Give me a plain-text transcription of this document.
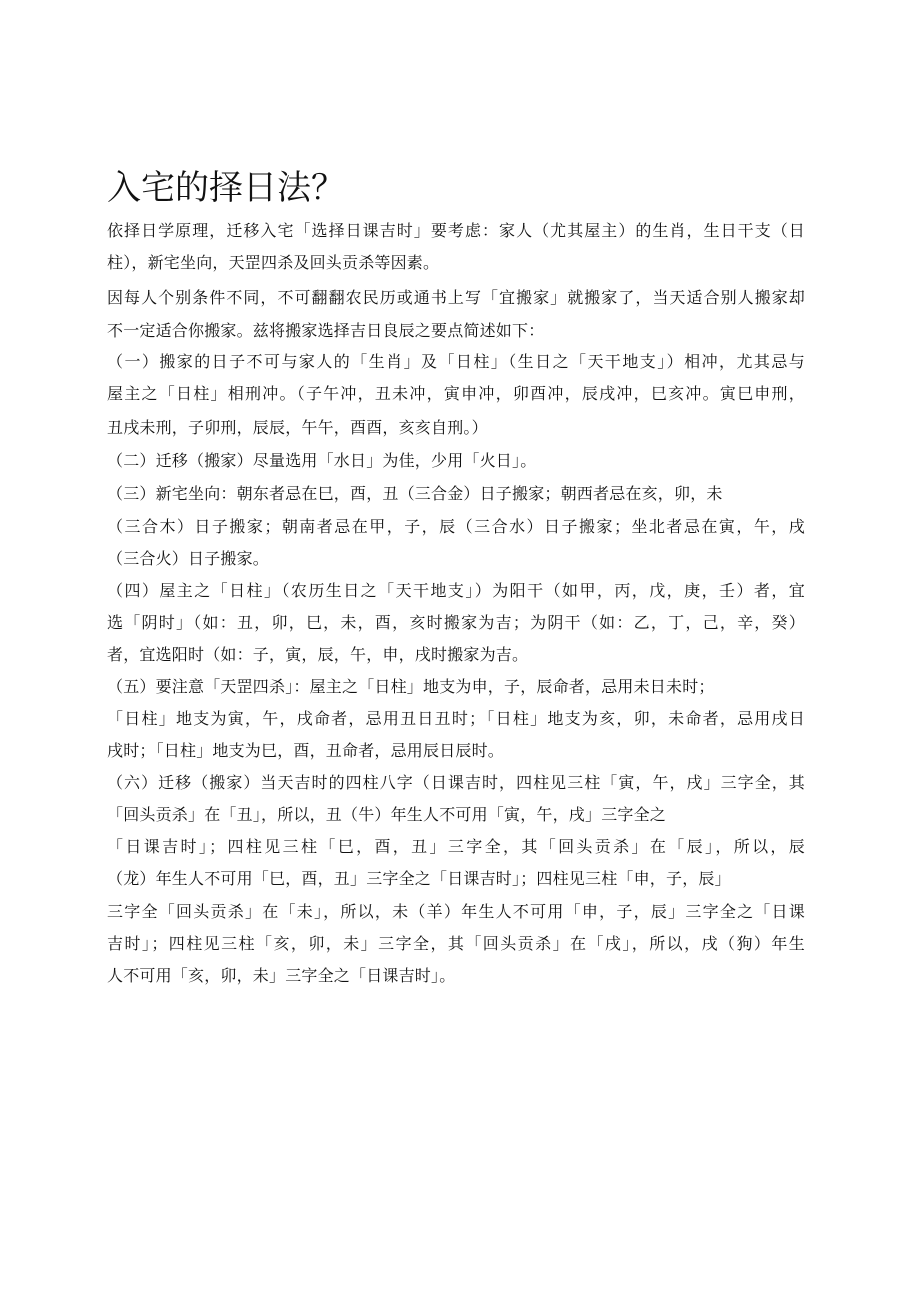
入宅的择日法？
依择日学原理，迁移入宅「选择日课吉时」要考虑：家人（尤其屋主）的生肖，生日干支（日
柱），新宅坐向，天罡四杀及回头贡杀等因素。
因每人个别条件不同，不可翻翻农民历或通书上写「宜搬家」就搬家了，当天适合别人搬家却
不一定适合你搬家。兹将搬家选择吉日良辰之要点简述如下：
（一）搬家的日子不可与家人的「生肖」及「日柱」（生日之「天干地支」）相冲，尤其忌与
屋主之「日柱」相刑冲。（子午冲，丑未冲，寅申冲，卯酉冲，辰戌冲，巳亥冲。寅巳申刑，
丑戌未刑，子卯刑，辰辰，午午，酉酉，亥亥自刑。）
（二）迁移（搬家）尽量选用「水日」为佳，少用「火日」。
（三）新宅坐向：朝东者忌在巳，酉，丑（三合金）日子搬家；朝西者忌在亥，卯，未
（三合木）日子搬家；朝南者忌在甲，子，辰（三合水）日子搬家；坐北者忌在寅，午，戌
（三合火）日子搬家。
（四）屋主之「日柱」（农历生日之「天干地支」）为阳干（如甲，丙，戊，庚，壬）者，宜
选「阴时」（如：丑，卯，巳，未，酉，亥时搬家为吉；为阴干（如：乙，丁，己，辛，癸）
者，宜选阳时（如：子，寅，辰，午，申，戌时搬家为吉。
（五）要注意「天罡四杀」：屋主之「日柱」地支为申，子，辰命者，忌用未日未时；
「日柱」地支为寅，午，戌命者，忌用丑日丑时；「日柱」地支为亥，卯，未命者，忌用戌日
戌时；「日柱」地支为巳，酉，丑命者，忌用辰日辰时。
（六）迁移（搬家）当天吉时的四柱八字（日课吉时，四柱见三柱「寅，午，戌」三字全，其
「回头贡杀」在「丑」，所以，丑（牛）年生人不可用「寅，午，戌」三字全之
「日课吉时」；四柱见三柱「巳，酉，丑」三字全，其「回头贡杀」在「辰」，所以，辰
（龙）年生人不可用「巳，酉，丑」三字全之「日课吉时」；四柱见三柱「申，子，辰」
三字全「回头贡杀」在「未」，所以，未（羊）年生人不可用「申，子，辰」三字全之「日课
吉时」；四柱见三柱「亥，卯，未」三字全，其「回头贡杀」在「戌」，所以，戌（狗）年生
人不可用「亥，卯，未」三字全之「日课吉时」。
